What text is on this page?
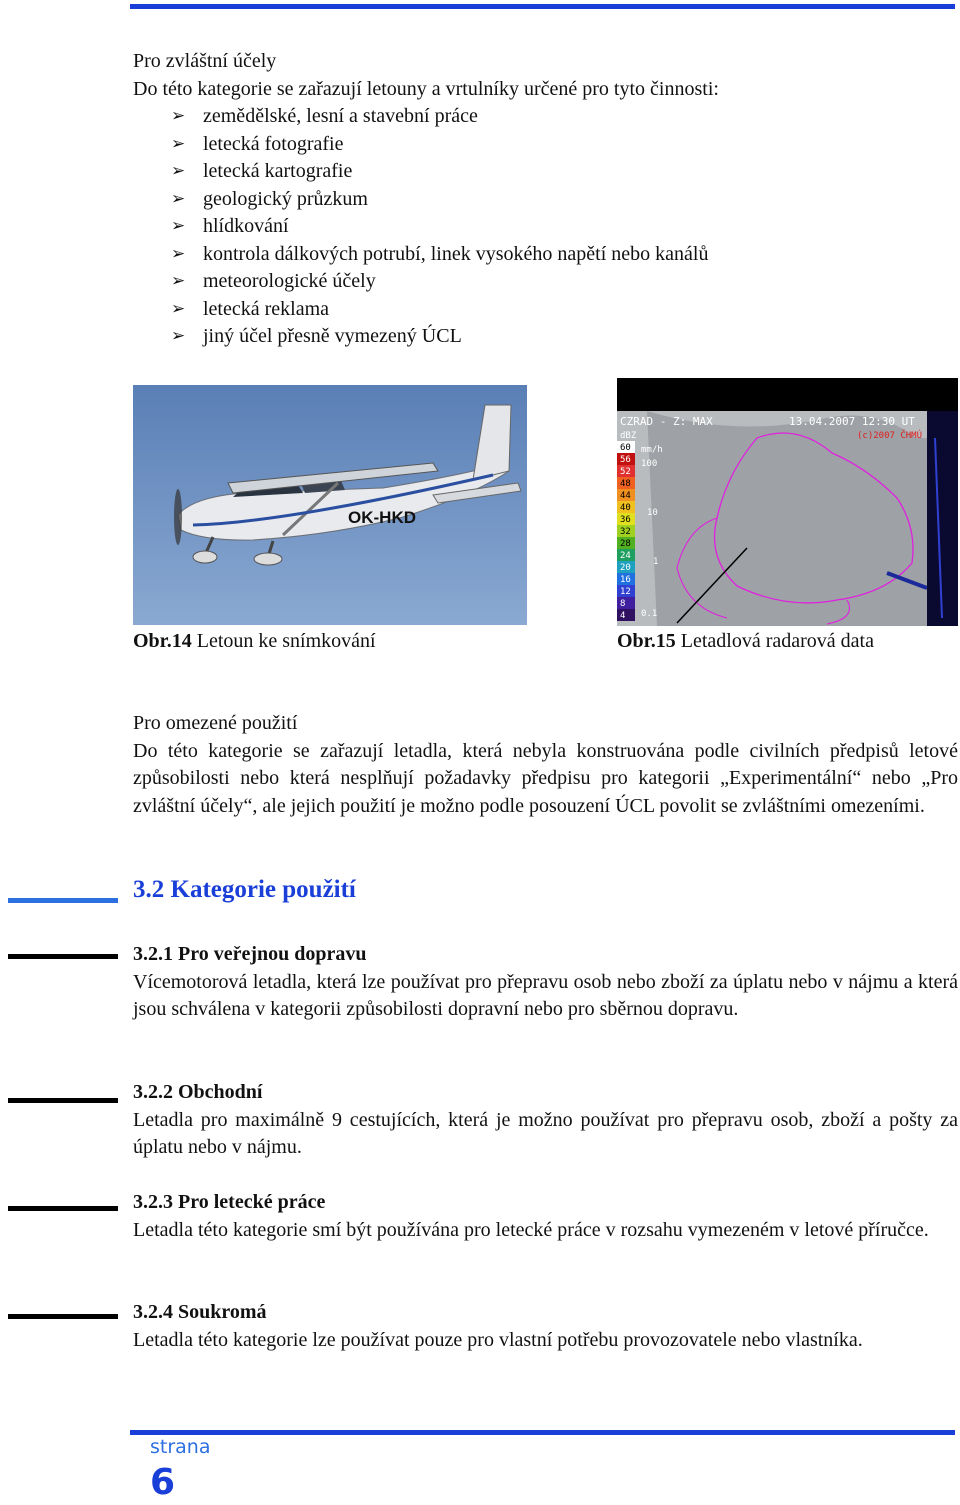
Pro zvláštní účely
Do této kategorie se zařazují letouny a vrtulníky určené pro tyto činnosti:
➢ zemědělské, lesní a stavební práce
➢ letecká fotografie
➢ letecká kartografie
➢ geologický průzkum
➢ hlídkování
➢ kontrola dálkových potrubí, linek vysokého napětí nebo kanálů
➢ meteorologické účely
➢ letecká reklama
➢ jiný účel přesně vymezený ÚCL
OK-HKD
Obr.14 Letoun ke snímkování
CZRAD - Z: MAX	13.04.2007 12:30 UT
(c)2007 ČHMÚ
dBZ
mm/h
60
56
52
48
44
40
36
32
28
24
20
16
12
8
4
100
10
1
0.1
Obr.15 Letadlová radarová data
Pro omezené použití
Do této kategorie se zařazují letadla, která nebyla konstruována podle civilních předpisů letové způsobilosti nebo která nesplňují požadavky předpisu pro kategorii „Experimentální“ nebo „Pro zvláštní účely“, ale jejich použití je možno podle posouzení ÚCL povolit se zvláštními omezeními.
3.2 Kategorie použití
3.2.1 Pro veřejnou dopravu
Vícemotorová letadla, která lze používat pro přepravu osob nebo zboží za úplatu nebo v nájmu a která jsou schválena v kategorii způsobilosti dopravní nebo pro sběrnou dopravu.
3.2.2 Obchodní
Letadla pro maximálně 9 cestujících, která je možno používat pro přepravu osob, zboží a pošty za úplatu nebo v nájmu.
3.2.3 Pro letecké práce
Letadla této kategorie smí být používána pro letecké práce v rozsahu vymezeném v letové příručce.
3.2.4 Soukromá
Letadla této kategorie lze používat pouze pro vlastní potřebu provozovatele nebo vlastníka.
strana
6
